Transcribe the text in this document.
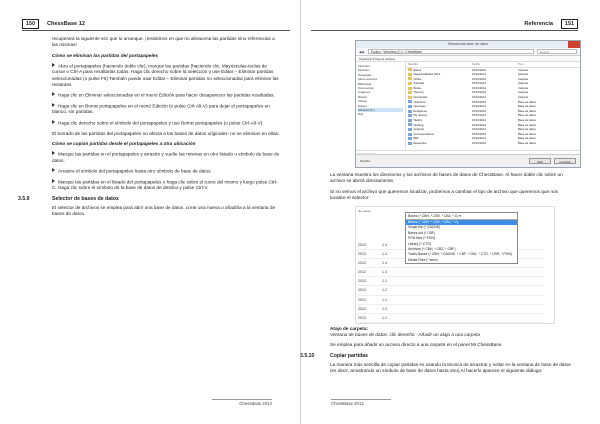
150	ChessBase 12

recuperará la siguiente vez que lo arranque. ¡Insistimos en que no almacena las partidas sino referencias a las mismas!

Cómo se eliminan las partidas del portapapeles

Abra el portapapeles (haciendo doble clic), marque las partidas (haciendo clic, Mayúsculas-teclas de cursor o Ctrl-A para resaltarlas todas. Haga clic derecho sobre la selección y use Editar – Eliminar partidas seleccionadas (o pulse F5) También puede usar Editar – Eliminar partidas no seleccionadas para eliminar las restantes.

Haga clic en Eliminar seleccionadas en el menú Edición para hacer desaparecer las partidas resaltadas.

Haga clic en Borrar portapapeles en el menú Edición (o pulse Ctrl-Alt-V) para dejar el portapapeles en blanco, sin partidas.

Haga clic derecho sobre el símbolo del portapapeles y use Borrar portapapeles (o pulse Ctrl-Alt-V).

El borrado de las partidas del portapapeles no afecta a las bases de datos originales: no se eliminan en ellas.

Cómo se copian partidas desde el portapapeles a otra ubicación

Marque las partidas en el portapapeles y arrastre y suelte las mismas en otro listado o símbolo de base de datos.

Arrastre el símbolo del portapapeles hasta otro símbolo de base de datos.

Marque las partidas en el listado del portapapeles o haga clic sobre el icono del mismo y luego pulse Ctrl-C. Haga clic sobre el símbolo de la base de datos de destino y pulse Ctrl-V.

3.5.9	Selector de bases de datos

El selector de archivos se emplea para abrir una base de datos, crear una nueva o añadirla a la ventana de bases de datos.

ChessBase 2012
Referencia	151
Seleccionar base de datos
◀ ▶	Equipo › Windows (C:) › ChessBase	Buscar
Organizar ▾ Nueva carpeta
Favoritos
Escritorio
Descargas
Sitios recientes
Bibliotecas
Documentos
Imágenes
Música
Vídeos
Equipo
Windows (C:)
Red
Nombre	Fecha	Tipo
Bases	15/10/2012	Carpeta
Mega Database 2013	15/10/2012	Carpeta
Online	15/10/2012	Carpeta
Tutorials	15/10/2012	Carpeta
Books	15/10/2012	Carpeta
Training	15/10/2012	Carpeta
Downloads	15/10/2012	Carpeta
Clipboard	15/10/2012	Base de datos
Openings	15/10/2012	Base de datos
Endgames	15/10/2012	Base de datos
My Games	15/10/2012	Base de datos
Tactics	15/10/2012	Base de datos
Strategy	15/10/2012	Base de datos
Analysis	15/10/2012	Base de datos
Correspondence	15/10/2012	Base de datos
Blitz	15/10/2012	Base de datos
Repertoire	15/10/2012	Base de datos
Nombre:	Abrir	Cancelar

La ventana muestra los directorios y los archivos de bases de datos de ChessBase. Al hacer doble clic sobre un archivo se abrirá directamente.

Si no vemos el archivo que queremos localizar, probemos a cambiar el tipo de archivo que queremos que nos localice el selector:

de nueva
2012	1.4
2012	1.4
2012	1.4
2012	1.4
2012	1.1
2012	1.2
2012	1.2
2012	1.2
2012	1.2
Bases (*.CBH, *.CBV, *.CBZ, *.C) ▾
Bases (*.CBH, *.CBV, *.CBZ, *.C)
Single file (*.CBONE)
Bases old (*.CBF)
PGN files (*.PGN)
Library (*.CTG)
Archivos (*.CBH, *.CBZ, *.CBF)
Todos Bases (*.CBH, *.CBONE, *.CBF, *.CBZ, *.CTG, *.CBR, *.PGN)
Media Files (*.wmv)
Atajo de carpeta:
Ventana de bases de datos: clic derecho - Añadir un atajo a una carpeta

Se emplea para añadir un acceso directo a una carpeta en el panel Mi ChessBase.

3.5.10	Copiar partidas

La manera más sencilla de copiar partidas es usando la técnica de arrastrar y soltar en la ventana de base de datos (es decir, arrastrando un símbolo de base de datos hasta otro) Al hacerlo aparece el siguiente diálogo:

ChessBase 2012
